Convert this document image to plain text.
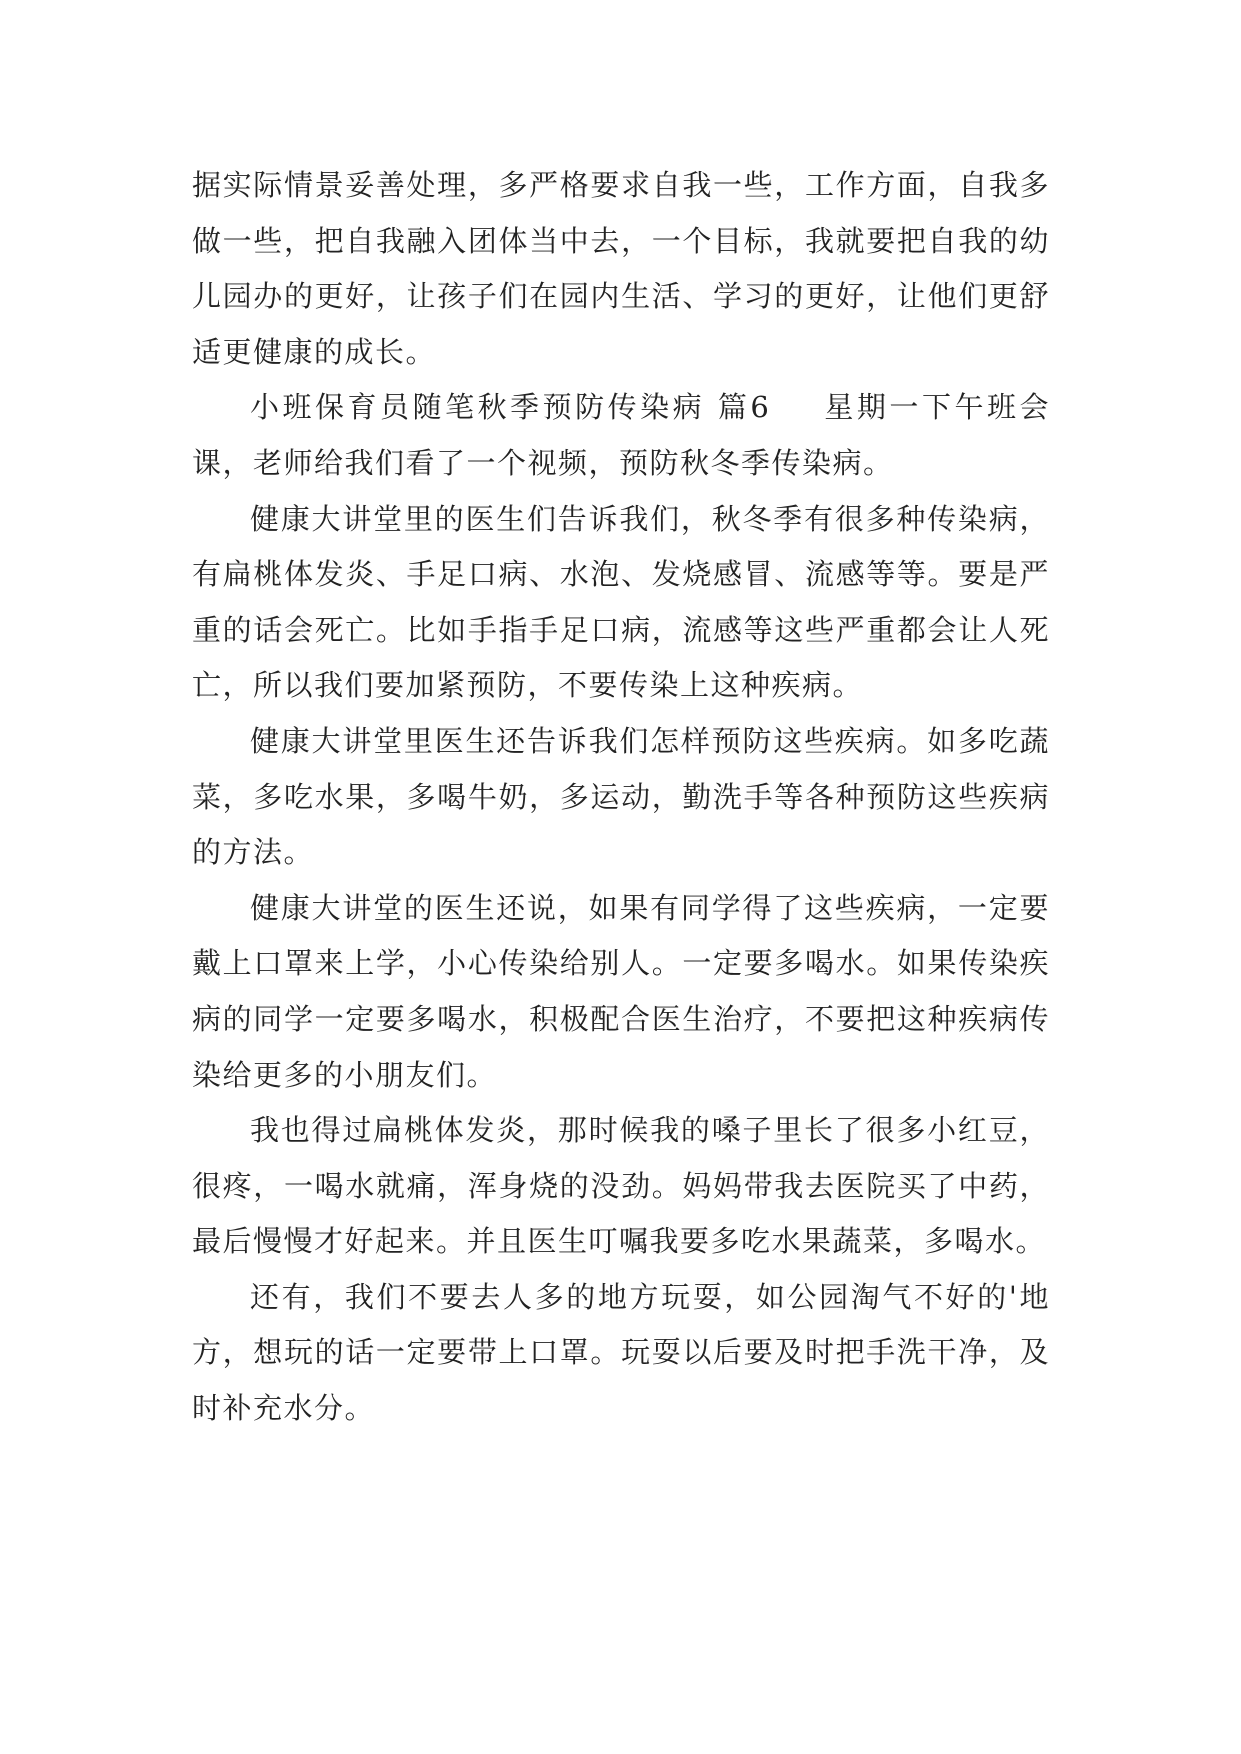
据实际情景妥善处理，多严格要求自我一些，工作方面，自我多做一些，把自我融入团体当中去，一个目标，我就要把自我的幼儿园办的更好，让孩子们在园内生活、学习的更好，让他们更舒适更健康的成长。

小班保育员随笔秋季预防传染病 篇6 星期一下午班会课，老师给我们看了一个视频，预防秋冬季传染病。

健康大讲堂里的医生们告诉我们，秋冬季有很多种传染病，有扁桃体发炎、手足口病、水泡、发烧感冒、流感等等。要是严重的话会死亡。比如手指手足口病，流感等这些严重都会让人死亡，所以我们要加紧预防，不要传染上这种疾病。

健康大讲堂里医生还告诉我们怎样预防这些疾病。如多吃蔬菜，多吃水果，多喝牛奶，多运动，勤洗手等各种预防这些疾病的方法。

健康大讲堂的医生还说，如果有同学得了这些疾病，一定要戴上口罩来上学，小心传染给别人。一定要多喝水。如果传染疾病的同学一定要多喝水，积极配合医生治疗，不要把这种疾病传染给更多的小朋友们。

我也得过扁桃体发炎，那时候我的嗓子里长了很多小红豆，很疼，一喝水就痛，浑身烧的没劲。妈妈带我去医院买了中药，最后慢慢才好起来。并且医生叮嘱我要多吃水果蔬菜，多喝水。

还有，我们不要去人多的地方玩耍，如公园淘气不好的'地方，想玩的话一定要带上口罩。玩耍以后要及时把手洗干净，及时补充水分。
